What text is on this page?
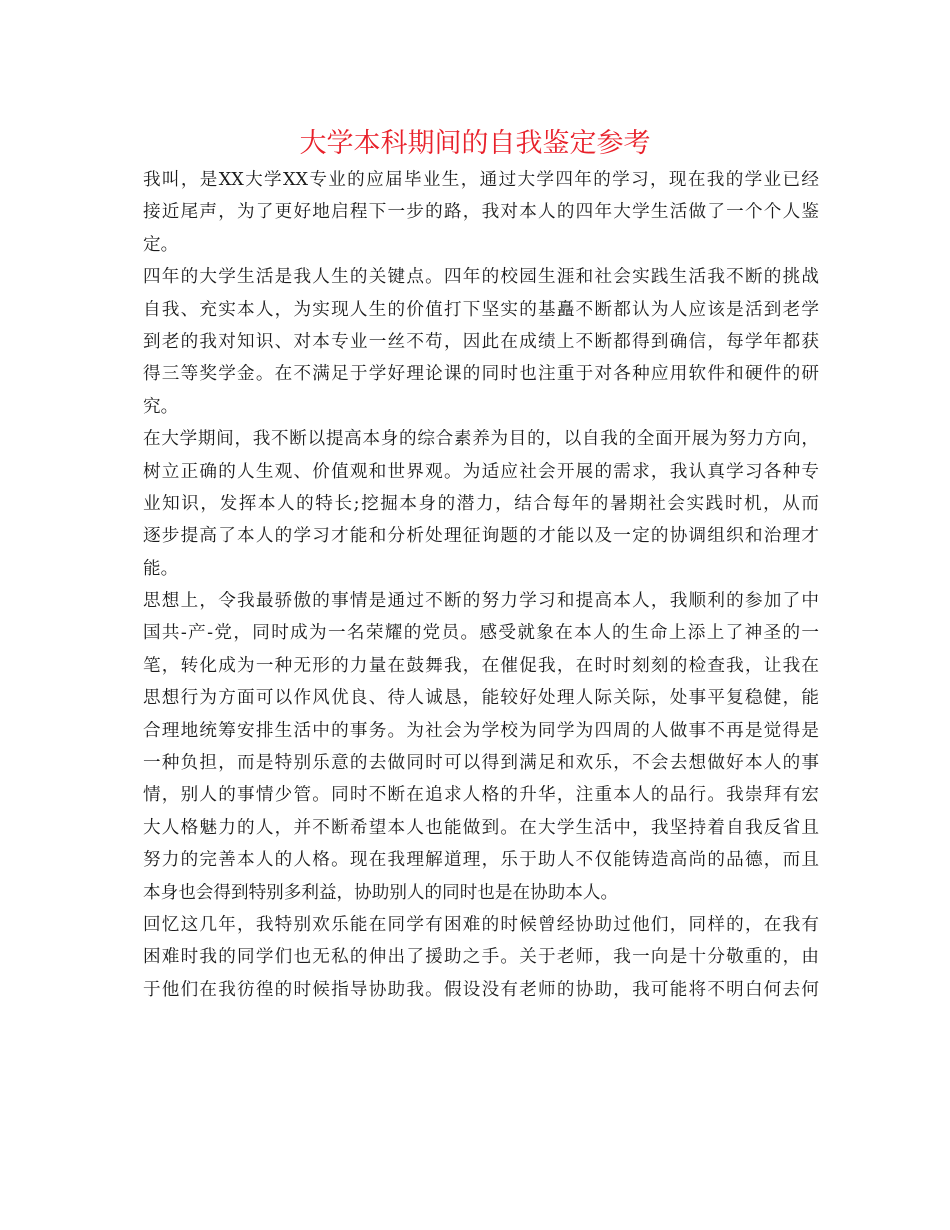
大学本科期间的自我鉴定参考
我叫，是XX大学XX专业的应届毕业生，通过大学四年的学习，现在我的学业已经
接近尾声，为了更好地启程下一步的路，我对本人的四年大学生活做了一个个人鉴
定。
四年的大学生活是我人生的关键点。四年的校园生涯和社会实践生活我不断的挑战
自我、充实本人，为实现人生的价值打下坚实的基矗不断都认为人应该是活到老学
到老的我对知识、对本专业一丝不苟，因此在成绩上不断都得到确信，每学年都获
得三等奖学金。在不满足于学好理论课的同时也注重于对各种应用软件和硬件的研
究。
在大学期间，我不断以提高本身的综合素养为目的，以自我的全面开展为努力方向，
树立正确的人生观、价值观和世界观。为适应社会开展的需求，我认真学习各种专
业知识，发挥本人的特长;挖掘本身的潜力，结合每年的暑期社会实践时机，从而
逐步提高了本人的学习才能和分析处理征询题的才能以及一定的协调组织和治理才
能。
思想上，令我最骄傲的事情是通过不断的努力学习和提高本人，我顺利的参加了中
国共-产-党，同时成为一名荣耀的党员。感受就象在本人的生命上添上了神圣的一
笔，转化成为一种无形的力量在鼓舞我，在催促我，在时时刻刻的检查我，让我在
思想行为方面可以作风优良、待人诚恳，能较好处理人际关际，处事平复稳健，能
合理地统筹安排生活中的事务。为社会为学校为同学为四周的人做事不再是觉得是
一种负担，而是特别乐意的去做同时可以得到满足和欢乐，不会去想做好本人的事
情，别人的事情少管。同时不断在追求人格的升华，注重本人的品行。我崇拜有宏
大人格魅力的人，并不断希望本人也能做到。在大学生活中，我坚持着自我反省且
努力的完善本人的人格。现在我理解道理，乐于助人不仅能铸造高尚的品德，而且
本身也会得到特别多利益，协助别人的同时也是在协助本人。
回忆这几年，我特别欢乐能在同学有困难的时候曾经协助过他们，同样的，在我有
困难时我的同学们也无私的伸出了援助之手。关于老师，我一向是十分敬重的，由
于他们在我彷徨的时候指导协助我。假设没有老师的协助，我可能将不明白何去何
